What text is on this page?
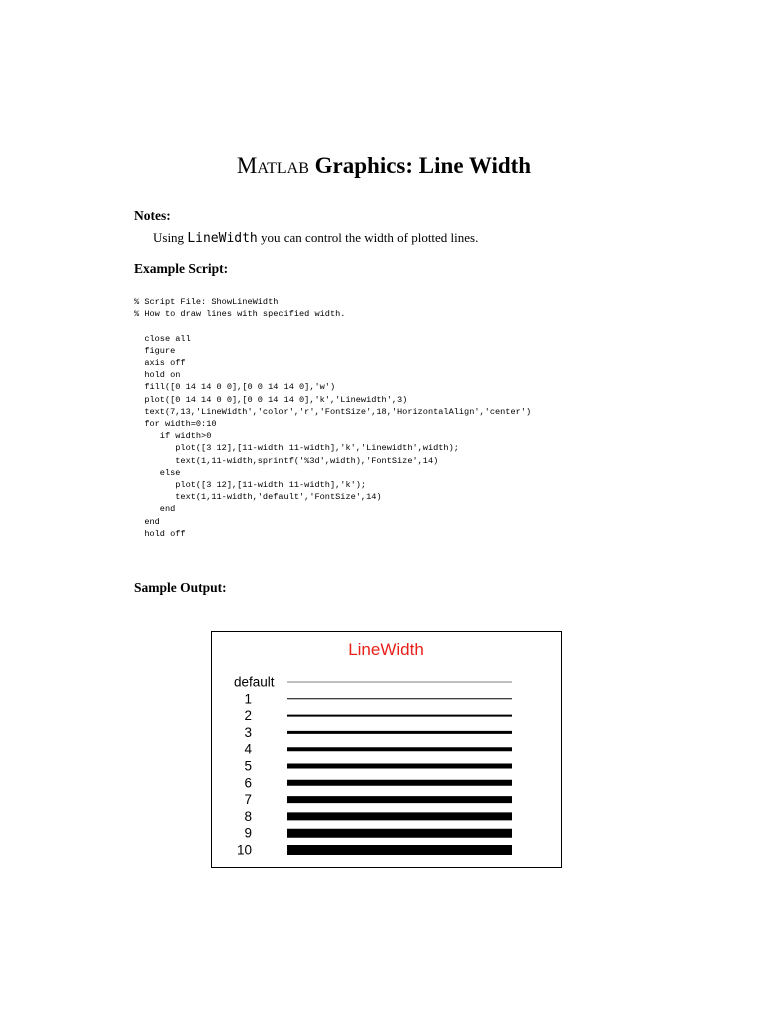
Matlab Graphics: Line Width
Notes:
Using LineWidth you can control the width of plotted lines.
Example Script:
% Script File: ShowLineWidth
% How to draw lines with specified width.

close all
figure
axis off
hold on
fill([0 14 14 0 0],[0 0 14 14 0],'w')
plot([0 14 14 0 0],[0 0 14 14 0],'k','Linewidth',3)
text(7,13,'LineWidth','color','r','FontSize',18,'HorizontalAlign','center')
for width=0:10
if width>0
plot([3 12],[11-width 11-width],'k','Linewidth',width);
text(1,11-width,sprintf('%3d',width),'FontSize',14)
else
plot([3 12],[11-width 11-width],'k');
text(1,11-width,'default','FontSize',14)
end
end
hold off
Sample Output:
LineWidth
default
1
2
3
4
5
6
7
8
9
10
